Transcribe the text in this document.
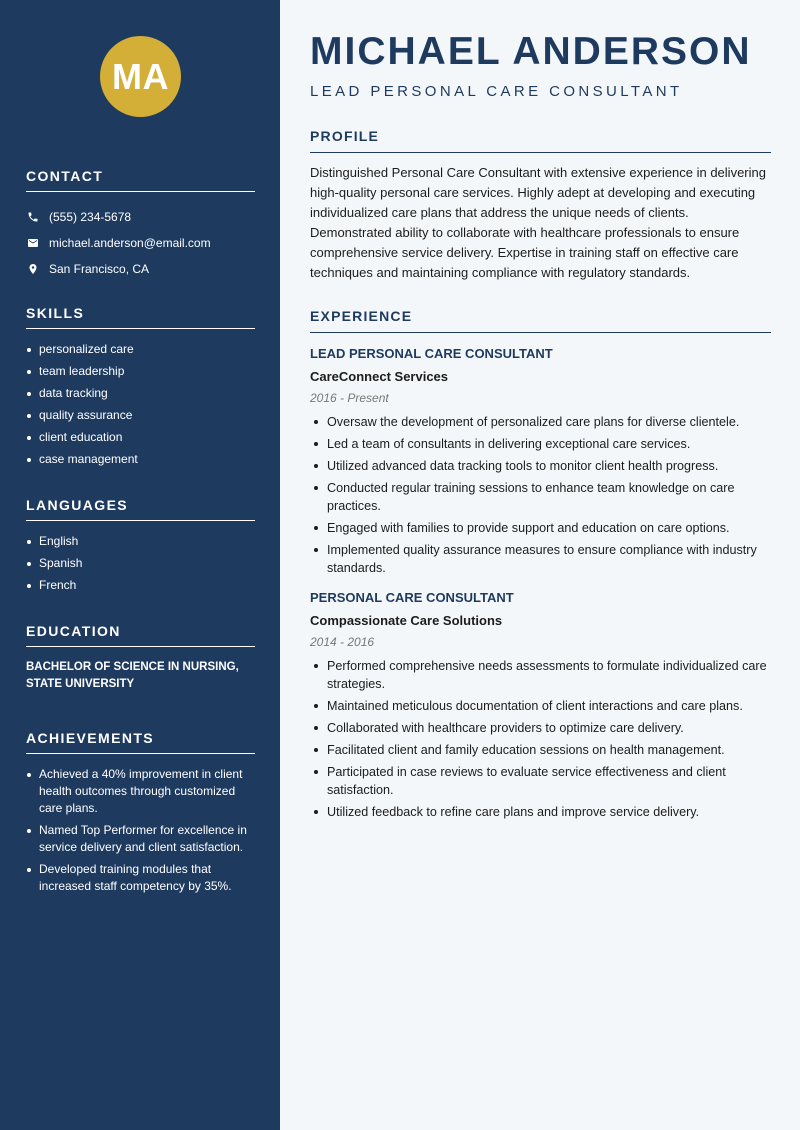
MA
CONTACT
(555) 234-5678
michael.anderson@email.com
San Francisco, CA
SKILLS
personalized care
team leadership
data tracking
quality assurance
client education
case management
LANGUAGES
English
Spanish
French
EDUCATION
BACHELOR OF SCIENCE IN NURSING, STATE UNIVERSITY
ACHIEVEMENTS
Achieved a 40% improvement in client health outcomes through customized care plans.
Named Top Performer for excellence in service delivery and client satisfaction.
Developed training modules that increased staff competency by 35%.
MICHAEL ANDERSON
LEAD PERSONAL CARE CONSULTANT
PROFILE

Distinguished Personal Care Consultant with extensive experience in delivering high-quality personal care services. Highly adept at developing and executing individualized care plans that address the unique needs of clients. Demonstrated ability to collaborate with healthcare professionals to ensure comprehensive service delivery. Expertise in training staff on effective care techniques and maintaining compliance with regulatory standards.

EXPERIENCE
LEAD PERSONAL CARE CONSULTANT
CareConnect Services
2016 - Present
Oversaw the development of personalized care plans for diverse clientele.
Led a team of consultants in delivering exceptional care services.
Utilized advanced data tracking tools to monitor client health progress.
Conducted regular training sessions to enhance team knowledge on care practices.
Engaged with families to provide support and education on care options.
Implemented quality assurance measures to ensure compliance with industry standards.
PERSONAL CARE CONSULTANT
Compassionate Care Solutions
2014 - 2016
Performed comprehensive needs assessments to formulate individualized care strategies.
Maintained meticulous documentation of client interactions and care plans.
Collaborated with healthcare providers to optimize care delivery.
Facilitated client and family education sessions on health management.
Participated in case reviews to evaluate service effectiveness and client satisfaction.
Utilized feedback to refine care plans and improve service delivery.
